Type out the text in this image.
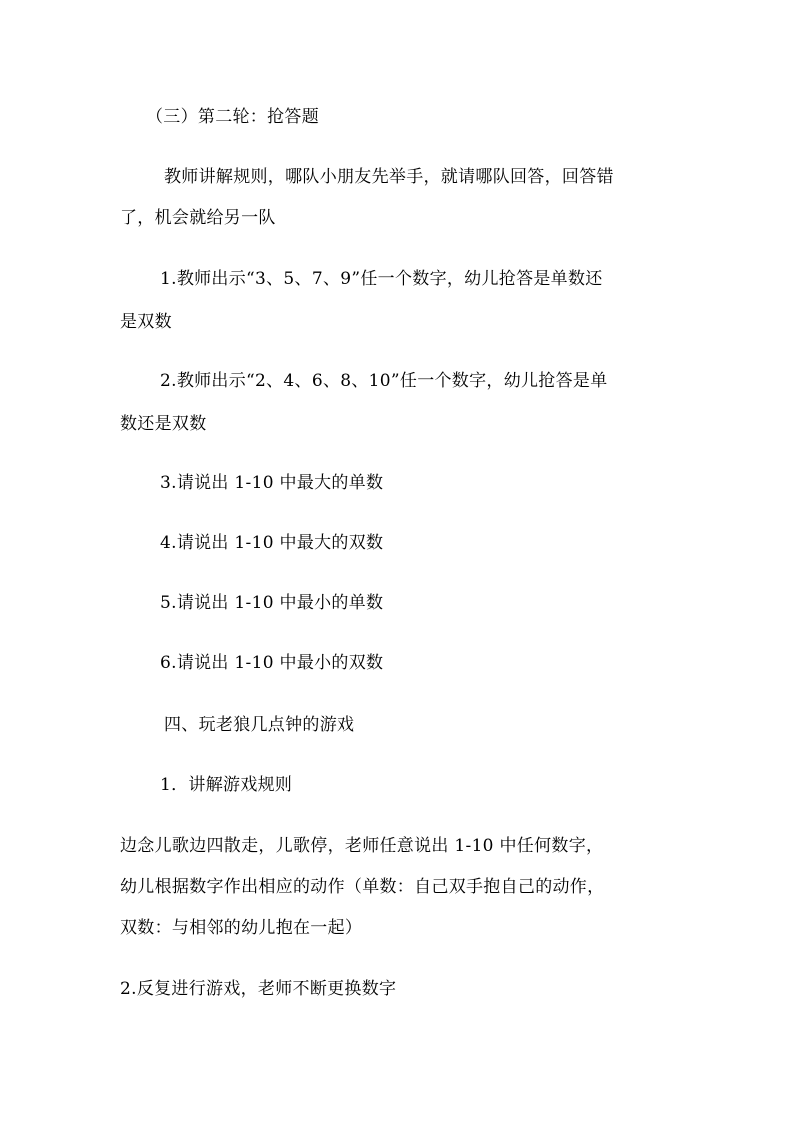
（三）第二轮：抢答题
教师讲解规则，哪队小朋友先举手，就请哪队回答，回答错
了，机会就给另一队
1.教师出示“3、5、7、9”任一个数字，幼儿抢答是单数还
是双数
2.教师出示“2、4、6、8、10”任一个数字，幼儿抢答是单
数还是双数
3.请说出 1-10 中最大的单数
4.请说出 1-10 中最大的双数
5.请说出 1-10 中最小的单数
6.请说出 1-10 中最小的双数
四、玩老狼几点钟的游戏
1．讲解游戏规则
边念儿歌边四散走，儿歌停，老师任意说出 1-10 中任何数字，
幼儿根据数字作出相应的动作（单数：自己双手抱自己的动作，
双数：与相邻的幼儿抱在一起）
2.反复进行游戏，老师不断更换数字
